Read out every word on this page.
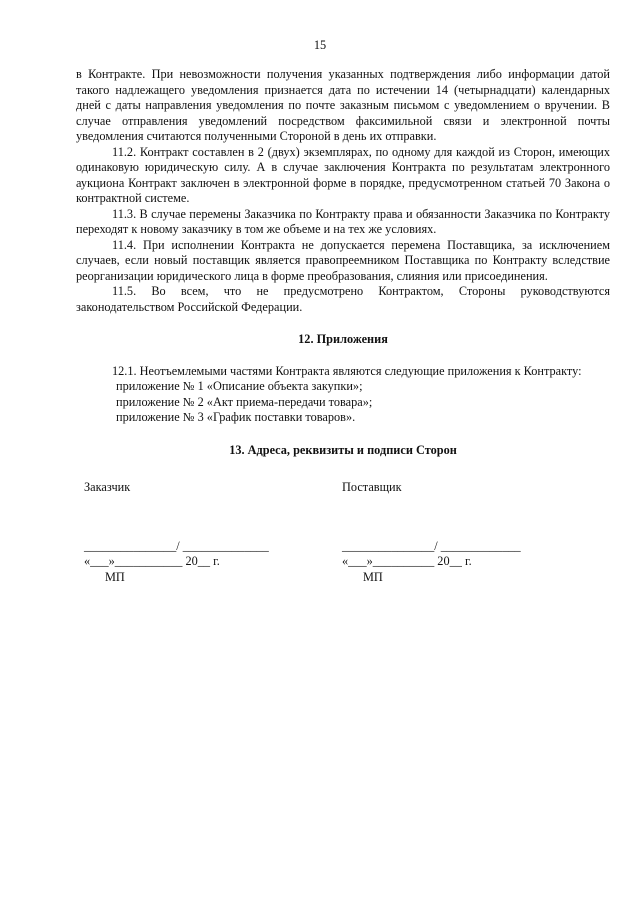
15

в Контракте. При невозможности получения указанных подтверждения либо информации датой такого надлежащего уведомления признается дата по истечении 14 (четырнадцати) календарных дней с даты направления уведомления по почте заказным письмом с уведомлением о вручении. В случае отправления уведомлений посредством факсимильной связи и электронной почты уведомления считаются полученными Стороной в день их отправки.

11.2. Контракт составлен в 2 (двух) экземплярах, по одному для каждой из Сторон, имеющих одинаковую юридическую силу. А в случае заключения Контракта по результатам электронного аукциона Контракт заключен в электронной форме в порядке, предусмотренном статьей 70 Закона о контрактной системе.

11.3. В случае перемены Заказчика по Контракту права и обязанности Заказчика по Контракту переходят к новому заказчику в том же объеме и на тех же условиях.

11.4. При исполнении Контракта не допускается перемена Поставщика, за исключением случаев, если новый поставщик является правопреемником Поставщика по Контракту вследствие реорганизации юридического лица в форме преобразования, слияния или присоединения.

11.5. Во всем, что не предусмотрено Контрактом, Стороны руководствуются законодательством Российской Федерации.

12. Приложения

12.1. Неотъемлемыми частями Контракта являются следующие приложения к Контракту:

приложение № 1 «Описание объекта закупки»;
приложение № 2 «Акт приема-передачи товара»;
приложение № 3 «График поставки товаров».

13. Адреса, реквизиты и подписи Сторон

Заказчик
_______________/ ______________
«___»___________ 20__ г.
МП
Поставщик
_______________/ _____________
«___»__________ 20__ г.
МП
